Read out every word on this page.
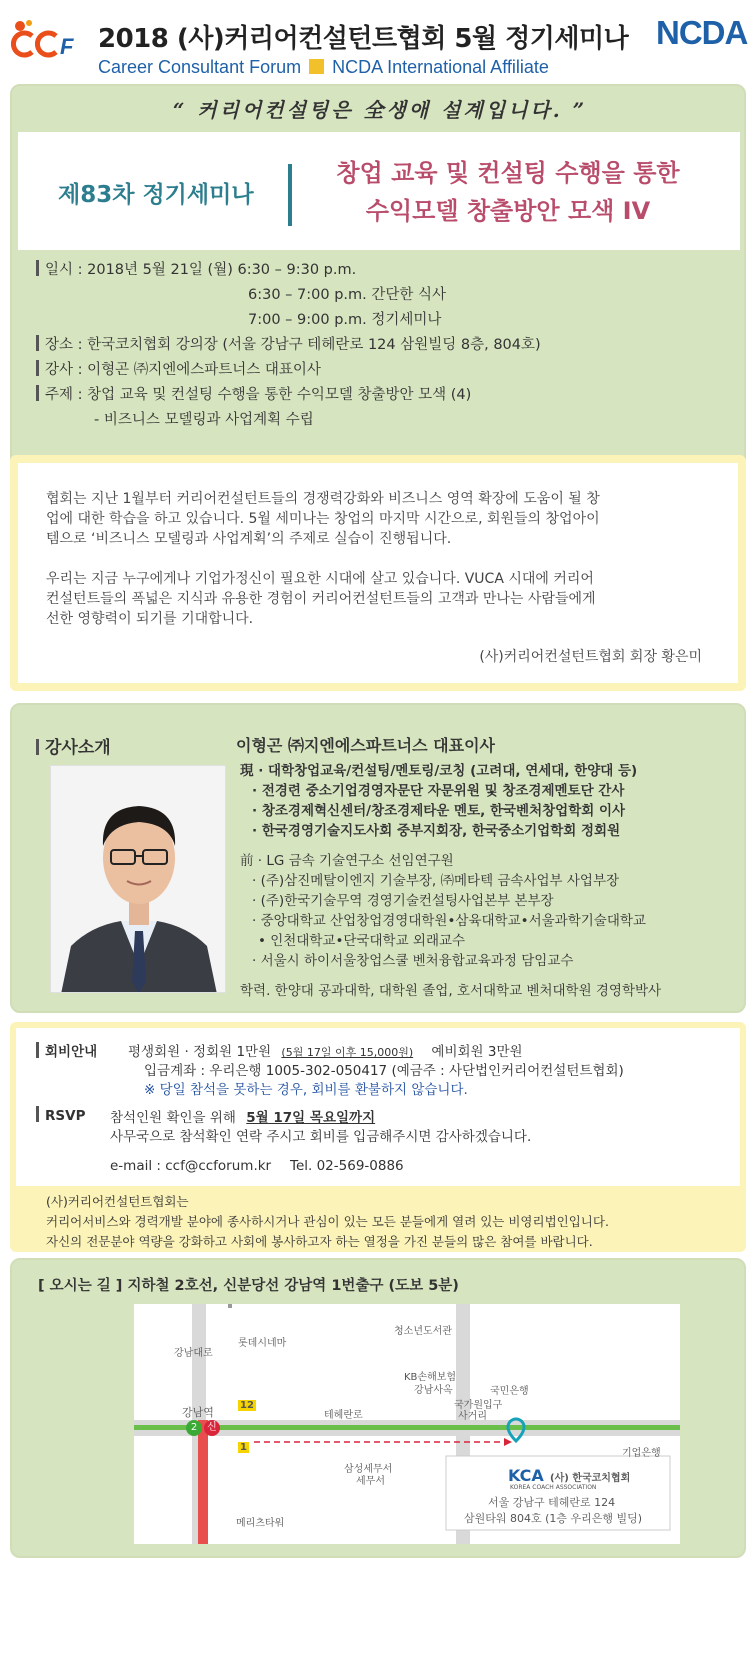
F 2018 (사)커리어컨설턴트협회 5월 정기세미나 NCDA
Career Consultant Forum NCDA International Affiliate
“ 커리어컨설팅은 全생애 설계입니다. ”
제83차 정기세미나
창업 교육 및 컨설팅 수행을 통한
수익모델 창출방안 모색 IV
일시 : 2018년 5월 21일 (월) 6:30 – 9:30 p.m.
6:30 – 7:00 p.m. 간단한 식사
7:00 – 9:00 p.m. 정기세미나
장소 : 한국코치협회 강의장 (서울 강남구 테헤란로 124 삼원빌딩 8층, 804호)
강사 : 이형곤 ㈜지엔에스파트너스 대표이사
주제 : 창업 교육 및 컨설팅 수행을 통한 수익모델 창출방안 모색 (4)
- 비즈니스 모델링과 사업계획 수립
협회는 지난 1월부터 커리어컨설턴트들의 경쟁력강화와 비즈니스 영역 확장에 도움이 될 창
업에 대한 학습을 하고 있습니다. 5월 세미나는 창업의 마지막 시간으로, 회원들의 창업아이
템으로 ‘비즈니스 모델링과 사업계획’의 주제로 실습이 진행됩니다.
우리는 지금 누구에게나 기업가정신이 필요한 시대에 살고 있습니다. VUCA 시대에 커리어
컨설턴트들의 폭넓은 지식과 유용한 경험이 커리어컨설턴트들의 고객과 만나는 사람들에게
선한 영향력이 되기를 기대합니다.
(사)커리어컨설턴트협회 회장 황은미
강사소개	이형곤 ㈜지엔에스파트너스 대표이사
現 · 대학창업교육/컨설팅/멘토링/코칭 (고려대, 연세대, 한양대 등)
· 전경련 중소기업경영자문단 자문위원 및 창조경제멘토단 간사
· 창조경제혁신센터/창조경제타운 멘토, 한국벤처창업학회 이사
· 한국경영기술지도사회 중부지회장, 한국중소기업학회 정회원
前 · LG 금속 기술연구소 선임연구원
· (주)삼진메탈이엔지 기술부장, ㈜메타텍 금속사업부 사업부장
· (주)한국기술무역 경영기술컨설팅사업본부 본부장
· 중앙대학교 산업창업경영대학원•삼육대학교•서울과학기술대학교
• 인천대학교•단국대학교 외래교수
· 서울시 하이서울창업스쿨 벤처융합교육과정 담임교수
학력. 한양대 공과대학, 대학원 졸업, 호서대학교 벤처대학원 경영학박사
회비안내 평생회원 · 정회원 1만원 (5월 17일 이후 15,000원) 예비회원 3만원
입금계좌 : 우리은행 1005-302-050417 (예금주 : 사단법인커리어컨설턴트협회)
※ 당일 참석을 못하는 경우, 회비를 환불하지 않습니다.
RSVP 참석인원 확인을 위해 5월 17일 목요일까지
사무국으로 참석확인 연락 주시고 회비를 입금해주시면 감사하겠습니다.
e-mail : ccf@ccforum.kr Tel. 02-569-0886
(사)커리어컨설턴트협회는
커리어서비스와 경력개발 분야에 종사하시거나 관심이 있는 모든 분들에게 열려 있는 비영리법인입니다.
자신의 전문분야 역량을 강화하고 사회에 봉사하고자 하는 열정을 가진 분들의 많은 참여를 바랍니다.
[ 오시는 길 ] 지하철 2호선, 신분당선 강남역 1번출구 (도보 5분)
강남대로
롯데시네마
청소년도서관
KB손해보험
강남사옥	국민은행
강남역
12
2 신
1
테헤란로
국가원입구
사거리
기업은행
삼성세무서
세무서
메리츠타워
KCA (사) 한국코치협회
KOREA COACH ASSOCIATION
서울 강남구 테헤란로 124
삼원타워 804호 (1층 우리은행 빌딩)
